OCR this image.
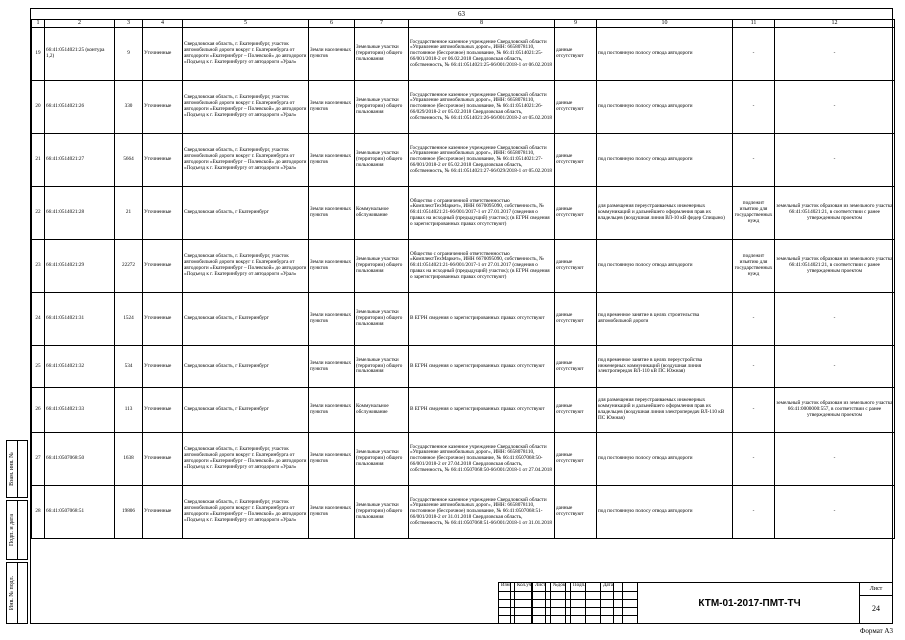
63
1	2	3	4	5	6	7	8	9	10	11	12
19	66:41:0514021:25 (контура 1,2)	9	Уточненные	Свердловская область, г. Екатеринбург, участок автомобильной дороги вокруг г. Екатеринбурга от автодороги «Екатеринбург – Полевской» до автодороги «Подъезд к г. Екатеринбургу от автодороги «Урал»	Земли населенных пунктов	Земельные участки (территории) общего пользования	Государственное казенное учреждение Свердловской области «Управление автомобильных дорог», ИНН: 6658078110, постоянное (бессрочное) пользование, № 66:41:0514021:25-66/001/2018-2 от 06.02.2018 Свердловская область, собственность, № 66:41:0514021:25-66/001/2018-1 от 06.02.2018	данные отсутствуют	под постоянную полосу отвода автодороги	-	-
20	66:41:0514021:26	330	Уточненные	Свердловская область, г. Екатеринбург, участок автомобильной дороги вокруг г. Екатеринбурга от автодороги «Екатеринбург – Полевской» до автодороги «Подъезд к г. Екатеринбургу от автодороги «Урал»	Земли населенных пунктов	Земельные участки (территории) общего пользования	Государственное казенное учреждение Свердловской области «Управление автомобильных дорог», ИНН: 6658078110, постоянное (бессрочное) пользование, № 66:41:0514021:26-66/029/2018-2 от 05.02.2018 Свердловская область, собственность, № 66:41:0514021:26-66/001/2018-2 от 05.02.2018	данные отсутствуют	под постоянную полосу отвода автодороги	-	-
21	66:41:0514021:27	5664	Уточненные	Свердловская область, г. Екатеринбург, участок автомобильной дороги вокруг г. Екатеринбурга от автодороги «Екатеринбург – Полевской» до автодороги «Подъезд к г. Екатеринбургу от автодороги «Урал»	Земли населенных пунктов	Земельные участки (территории) общего пользования	Государственное казенное учреждение Свердловской области «Управление автомобильных дорог», ИНН: 6658078110, постоянное (бессрочное) пользование, № 66:41:0514021:27-66/001/2018-2 от 05.02.2018 Свердловская область, собственность, № 66:41:0514021:27-66/029/2018-1 от 05.02.2018	данные отсутствуют	под постоянную полосу отвода автодороги	-	-
22	66:41:0514021:28	21	Уточненные	Свердловская область, г Екатеринбург	Земли населенных пунктов	Коммунальное обслуживание	Общество с ограниченной ответственностью «КомплектТехМаркет», ИНН 6670095090, собственность, № 66:41:0514021:21-66/001/2017-1 от 27.01.2017 (сведения о правах на исходный (предыдущий) участок); (в ЕГРН сведения о зарегистрированных правах отсутствуют)	данные отсутствуют	для размещения переустраиваемых инженерных коммуникаций и дальнейшего оформления прав их владельцев (воздушная линия ВЛ-10 кВ фидер Спицыно)	подлежит изъятию для государственных нужд	земельный участок образован из земельного участка 66:41:0514021:21, в соответствии с ранее утвержденным проектом
23	66:41:0514021:29	22272	Уточненные	Свердловская область, г. Екатеринбург, участок автомобильной дороги вокруг г. Екатеринбурга от автодороги «Екатеринбург – Полевской» до автодороги «Подъезд к г. Екатеринбургу от автодороги «Урал»	Земли населенных пунктов	Земельные участки (территории) общего пользования	Общество с ограниченной ответственностью «КомплектТехМаркет», ИНН 6670095090, собственность, № 66:41:0514021:21-66/001/2017-1 от 27.01.2017 (сведения о правах на исходный (предыдущий) участок); (в ЕГРН сведения о зарегистрированных правах отсутствуют)	данные отсутствуют	под постоянную полосу отвода автодороги	подлежит изъятию для государственных нужд	земельный участок образован из земельного участка 66:41:0514021:21, в соответствии с ранее утвержденным проектом
24	66:41:0514021:31	1524	Уточненные	Свердловская область, г Екатеринбург	Земли населенных пунктов	Земельные участки (территории) общего пользования	В ЕГРН сведения о зарегистрированных правах отсутствуют	данные отсутствуют	под временное занятие в целях строительства автомобильной дороги	-	-
25	66:41:0514021:32	534	Уточненные	Свердловская область, г Екатеринбург	Земли населенных пунктов	Земельные участки (территории) общего пользования	В ЕГРН сведения о зарегистрированных правах отсутствуют	данные отсутствуют	под временное занятие в целях переустройства инженерных коммуникаций (воздушная линия электропередач ВЛ-110 кВ ПС Южная)	-	-
26	66:41:0514021:33	113	Уточненные	Свердловская область, г Екатеринбург	Земли населенных пунктов	Коммунальное обслуживание	В ЕГРН сведения о зарегистрированных правах отсутствуют	данные отсутствуют	для размещения переустраиваемых инженерных коммуникаций и дальнейшего оформления прав их владельцев (воздушная линия электропередач ВЛ-110 кВ ПС Южная)	-	земельный участок образован из земельного участка 66:41:0000000:557, в соответствии с ранее утвержденным проектом
27	66:41:0507068:50	1638	Уточненные	Свердловская область, г. Екатеринбург, участок автомобильной дороги вокруг г. Екатеринбурга от автодороги «Екатеринбург – Полевской» до автодороги «Подъезд к г. Екатеринбургу от автодороги «Урал»	Земли населенных пунктов	Земельные участки (территории) общего пользования	Государственное казенное учреждение Свердловской области «Управление автомобильных дорог», ИНН: 6658078110, постоянное (бессрочное) пользование, № 66:41:0507068:50-66/001/2018-2 от 27.04.2018 Свердловская область, собственность, № 66:41:0507068:50-66/001/2018-1 от 27.04.2018	данные отсутствуют	под постоянную полосу отвода автодороги	-	-
28	66:41:0507068:51	19806	Уточненные	Свердловская область, г. Екатеринбург, участок автомобильной дороги вокруг г. Екатеринбурга от автодороги «Екатеринбург – Полевской» до автодороги «Подъезд к г. Екатеринбургу от автодороги «Урал»	Земли населенных пунктов	Земельные участки (территории) общего пользования	Государственное казенное учреждение Свердловской области «Управление автомобильных дорог», ИНН: 6658078110, постоянное (бессрочное) пользование, № 66:41:0507068:51-66/001/2018-2 от 31.01.2018 Свердловская область, собственность, № 66:41:0507068:51-66/001/2018-1 от 31.01.2018	данные отсутствуют	под постоянную полосу отвода автодороги	-	-
Изм Кол.уч Лист №док Подп.	Дата
КТМ-01-2017-ПМТ-ТЧ
Лист
24
Взам. инв. №
Подп. и дата
Инв. № подл.
Формат А3
